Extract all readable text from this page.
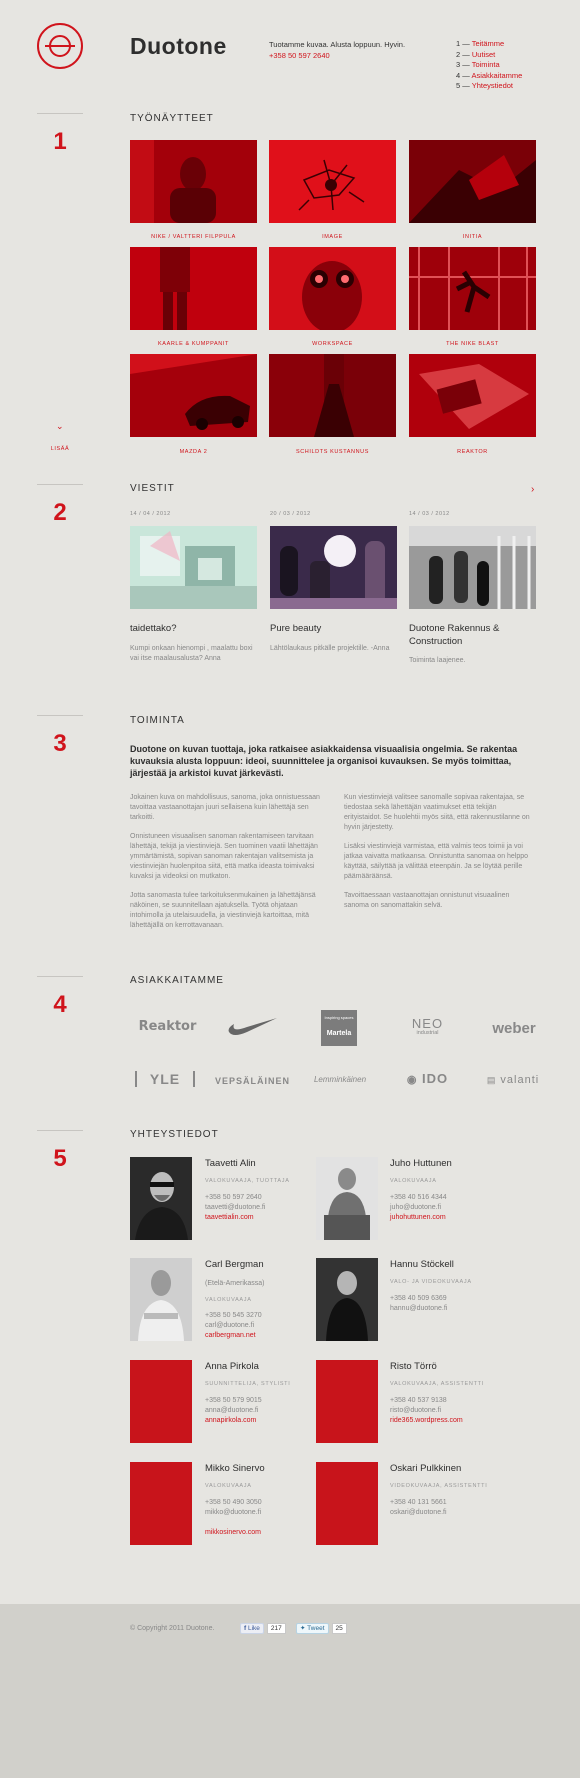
Duotone	Tuotamme kuvaa. Alusta loppuun. Hyvin.
+358 50 597 2640
1 — Teitämme
2 — Uutiset
3 — Toiminta
4 — Asiakkaitamme
5 — Yhteystiedot
1
TYÖNÄYTTEET
NIKE / VALTTERI FILPPULA	IMAGE	INITIA
KAARLE & KUMPPANIT	WORKSPACE	THE NIKE BLAST
MAZDA 2	SCHILDTS KUSTANNUS	REAKTOR
⌄
LISÄÄ
2
VIESTIT	›
14 / 04 / 2012
taidettako?
Kumpi onkaan hienompi , maalattu boxi vai itse maalausalusta? Anna
20 / 03 / 2012
Pure beauty
Lähtölaukaus pitkälle projektille. -Anna
14 / 03 / 2012
Duotone Rakennus & Construction
Toiminta laajenee.
3
TOIMINTA
Duotone on kuvan tuottaja, joka ratkaisee asiakkaidensa visuaalisia ongelmia. Se rakentaa kuvauksia alusta loppuun: ideoi, suunnittelee ja organisoi kuvauksen. Se myös toimittaa, järjestää ja arkistoi kuvat järkevästi.

Jokainen kuva on mahdollisuus, sanoma, joka onnistuessaan tavoittaa vastaanottajan juuri sellaisena kuin lähettäjä sen tarkoitti.

Onnistuneen visuaalisen sanoman rakentamiseen tarvitaan lähettäjä, tekijä ja viestinviejä. Sen tuominen vaatii lähettäjän ymmärtämistä, sopivan sanoman rakentajan valitsemista ja viestinviejän huolenpitoa siitä, että matka ideasta toimivaksi kuvaksi ja videoksi on mutkaton.

Jotta sanomasta tulee tarkoituksenmukainen ja lähettäjänsä näköinen, se suunnitellaan ajatuksella. Työtä ohjataan intohimolla ja utelaisuudella, ja viestinviejä kartoittaa, mitä lähettäjällä on kerrottavanaan.

Kun viestinviejä valitsee sanomalle sopivaa rakentajaa, se tiedostaa sekä lähettäjän vaatimukset että tekijän erityistaidot. Se huolehtii myös siitä, että rakennustilanne on hyvin järjestetty.

Lisäksi viestinviejä varmistaa, että valmis teos toimii ja voi jatkaa vaivatta matkaansa. Onnistuntta sanomaa on helppo käyttää, säilyttää ja välittää eteenpäin. Ja se löytää perille päämääräänsä.

Tavoittaessaan vastaanottajan onnistunut visuaalinen sanoma on sanomattakin selvä.

4
ASIAKKAITAMME
Reaktor
Inspiring spaces
Martela
NEO
industrial	weber
YLE	VEPSÄLÄINEN	Lemminkäinen	◉ IDO	▤ valanti
5
YHTEYSTIEDOT
Taavetti Alin
VALOKUVAAJA, TUOTTAJA
+358 50 597 2640
taavetti@duotone.fi
taavettialin.com
Juho Huttunen
VALOKUVAAJA
+358 40 516 4344
juho@duotone.fi
juhohuttunen.com
Carl Bergman
(Etelä-Amerikassa)
VALOKUVAAJA
+358 50 545 3270
carl@duotone.fi
carlbergman.net
Hannu Stöckell
VALO- JA VIDEOKUVAAJA
+358 40 509 6369
hannu@duotone.fi
Anna Pirkola
SUUNNITTELIJA, STYLISTI
+358 50 579 9015
anna@duotone.fi
annapirkola.com
Risto Törrö
VALOKUVAAJA, ASSISTENTTI
+358 40 537 9138
risto@duotone.fi
ride365.wordpress.com
Mikko Sinervo
VALOKUVAAJA
+358 50 490 3050
mikko@duotone.fi
mikkosinervo.com
Oskari Pulkkinen
VIDEOKUVAAJA, ASSISTENTTI
+358 40 131 5661
oskari@duotone.fi
© Copyright 2011 Duotone.	f Like	217	✦ Tweet	25
